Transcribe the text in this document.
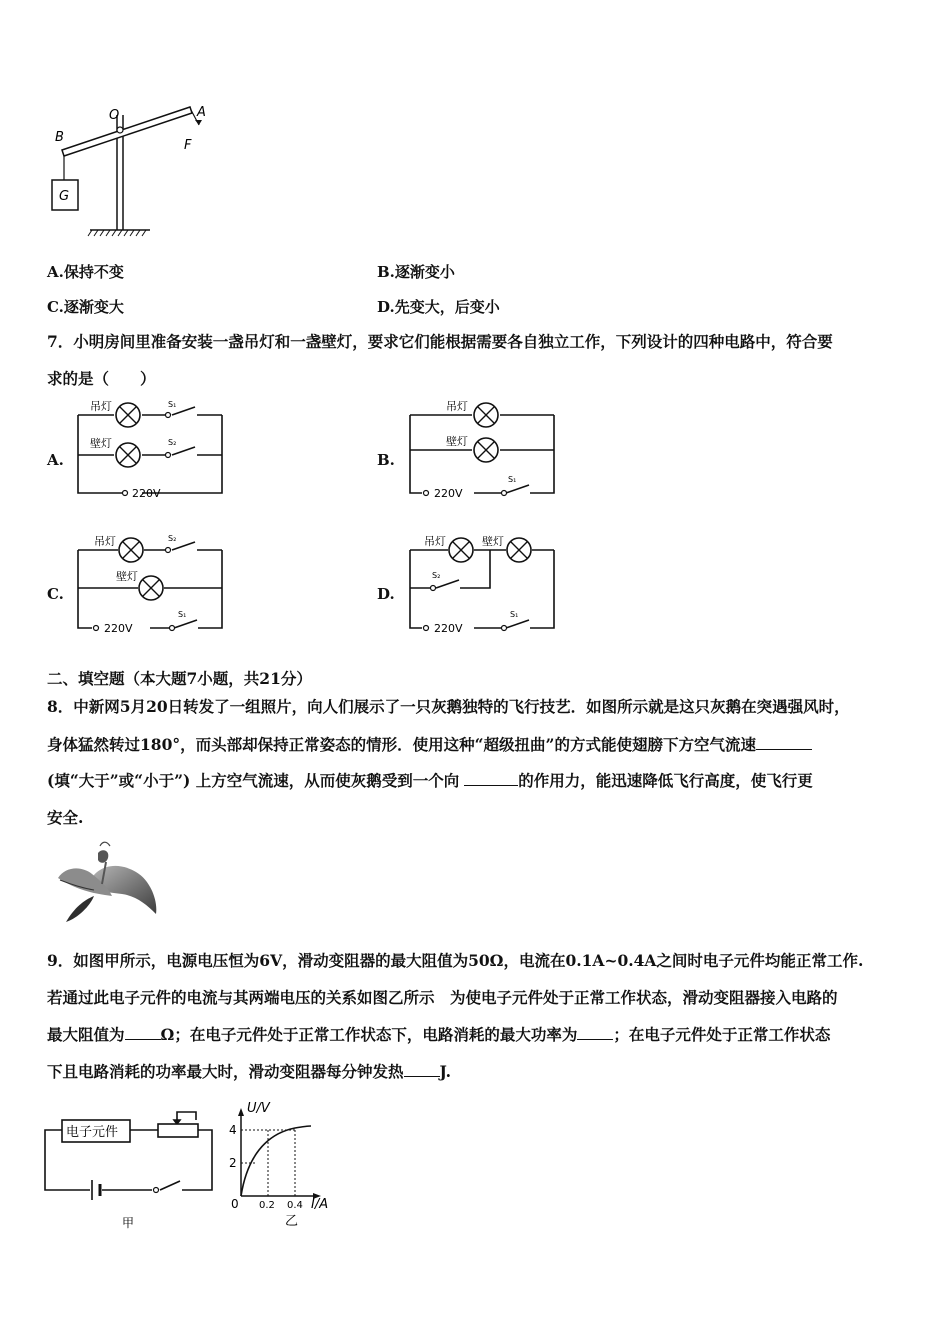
O	A
B
F
G
A.保持不变	B.逐渐变小
C.逐渐变大	D.先变大，后变小
7．小明房间里准备安装一盏吊灯和一盏壁灯，要求它们能根据需要各自独立工作，下列设计的四种电路中，符合要
求的是（　　）
A.	B.
C.	D.
吊灯
壁灯
S₁
S₂
220V
吊灯
壁灯
220V
S₁
吊灯	S₂
壁灯
220V
S₁
吊灯	壁灯
S₂
220V
S₁
二、填空题（本大题7小题，共21分）
8．中新网5月20日转发了一组照片，向人们展示了一只灰鹅独特的飞行技艺．如图所示就是这只灰鹅在突遇强风时，
身体猛然转过180°，而头部却保持正常姿态的情形．使用这种“超级扭曲”的方式能使翅膀下方空气流速
(填“大于”或“小于”) 上方空气流速，从而使灰鹅受到一个向	的作用力，能迅速降低飞行高度，使飞行更
安全.
9．如图甲所示，电源电压恒为6V，滑动变阻器的最大阻值为50Ω，电流在0.1A~0.4A之间时电子元件均能正常工作.
若通过此电子元件的电流与其两端电压的关系如图乙所示　为使电子元件处于正常工作状态，滑动变阻器接入电路的
最大阻值为 Ω；在电子元件处于正常工作状态下，电路消耗的最大功率为 ；在电子元件处于正常工作状态
下且电路消耗的功率最大时，滑动变阻器每分钟发热 J.
电子元件
甲
U/V
4
2
0 0.2 0.4 I/A
乙
